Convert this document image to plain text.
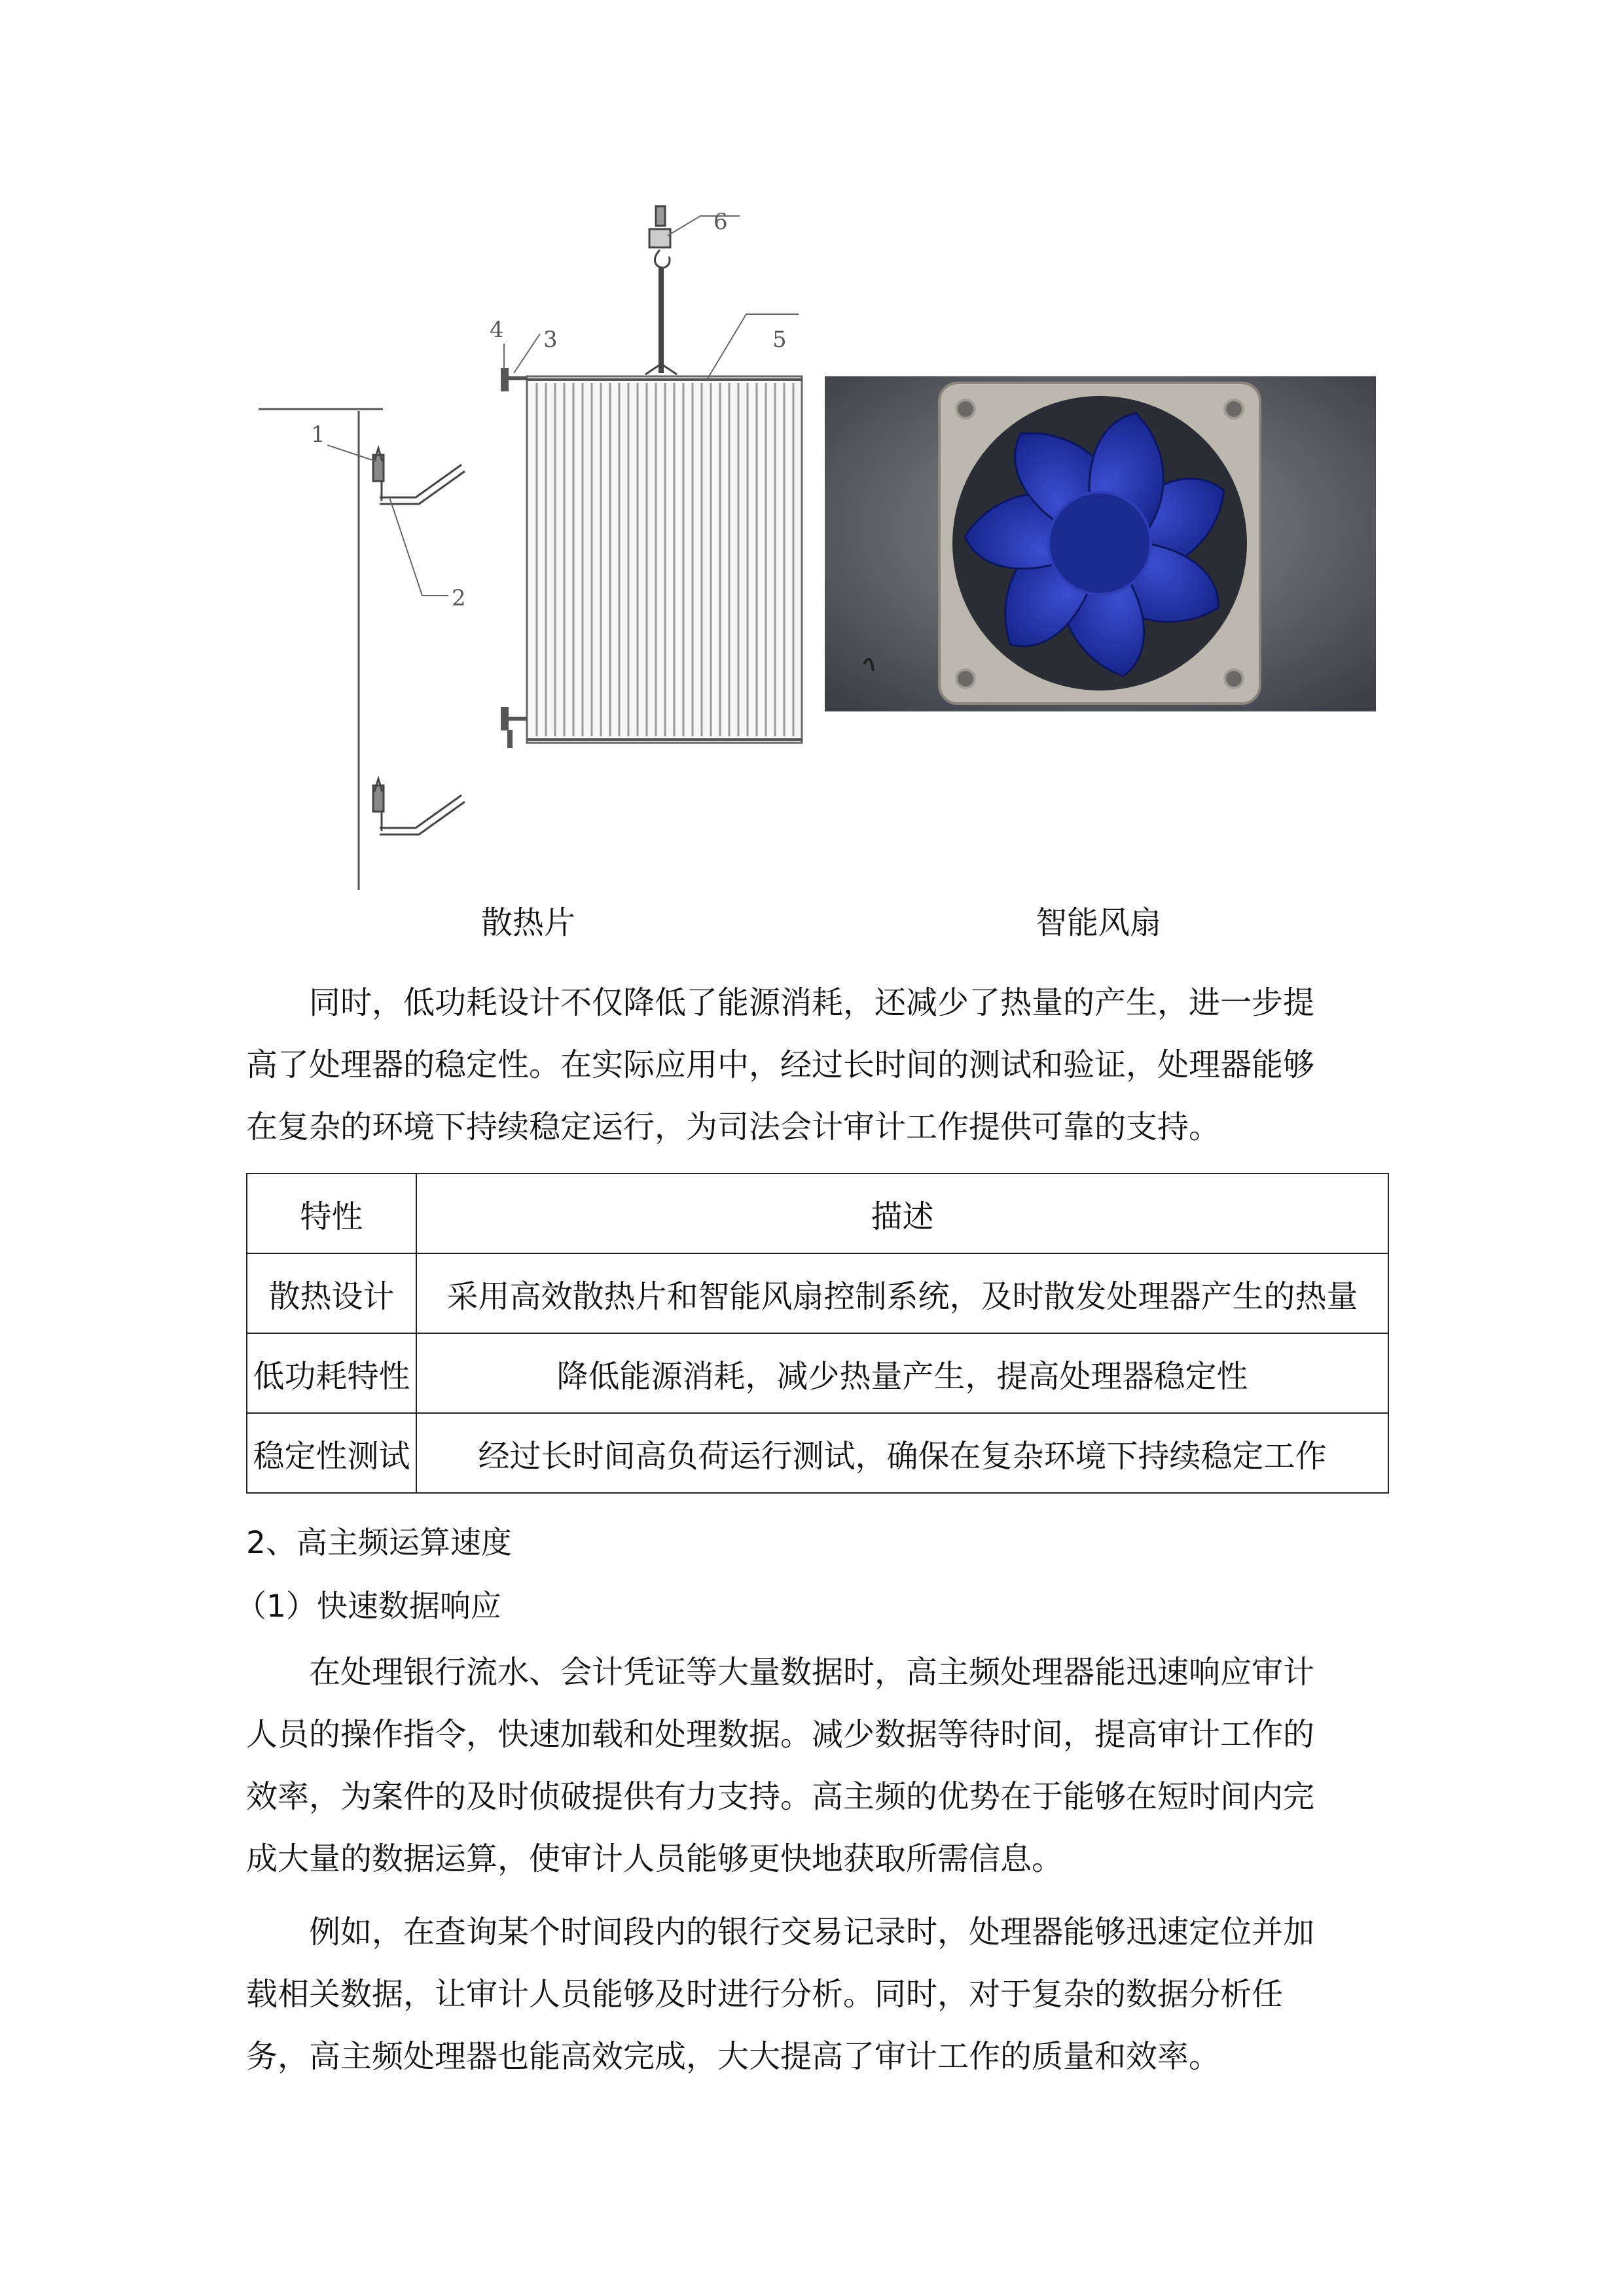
1
2
3
4	5
6
散热片	智能风扇
同时，低功耗设计不仅降低了能源消耗，还减少了热量的产生，进一步提
高了处理器的稳定性。在实际应用中，经过长时间的测试和验证，处理器能够
在复杂的环境下持续稳定运行，为司法会计审计工作提供可靠的支持。
特性	描述
散热设计	采用高效散热片和智能风扇控制系统，及时散发处理器产生的热量
低功耗特性	降低能源消耗，减少热量产生，提高处理器稳定性
稳定性测试	经过长时间高负荷运行测试，确保在复杂环境下持续稳定工作
2、高主频运算速度
（1）快速数据响应
在处理银行流水、会计凭证等大量数据时，高主频处理器能迅速响应审计
人员的操作指令，快速加载和处理数据。减少数据等待时间，提高审计工作的
效率，为案件的及时侦破提供有力支持。高主频的优势在于能够在短时间内完
成大量的数据运算，使审计人员能够更快地获取所需信息。
例如，在查询某个时间段内的银行交易记录时，处理器能够迅速定位并加
载相关数据，让审计人员能够及时进行分析。同时，对于复杂的数据分析任
务，高主频处理器也能高效完成，大大提高了审计工作的质量和效率。
